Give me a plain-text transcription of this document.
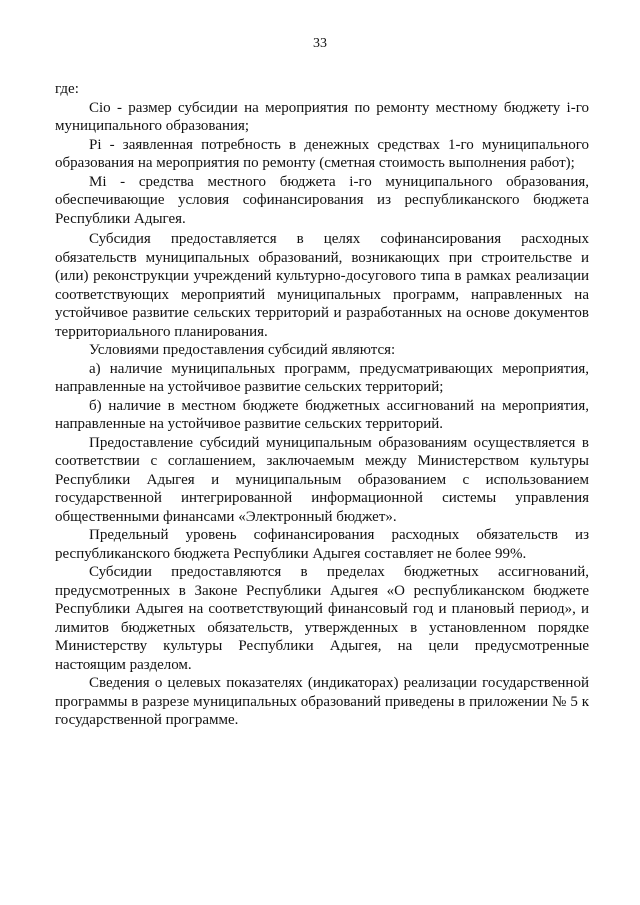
33

где:

Ciо - размер субсидии на мероприятия по ремонту местному бюджету i-го муниципального образования;

Pi - заявленная потребность в денежных средствах 1-го муниципального образования на мероприятия по ремонту (сметная стоимость выполнения работ);

Mi - средства местного бюджета i-го муниципального образования, обеспечивающие условия софинансирования из республиканского бюджета Республики Адыгея.

Субсидия предоставляется в целях софинансирования расходных обязательств муниципальных образований, возникающих при строительстве и (или) реконструкции учреждений культурно-досугового типа в рамках реализации соответствующих мероприятий муниципальных программ, направленных на устойчивое развитие сельских территорий и разработанных на основе документов территориального планирования.

Условиями предоставления субсидий являются:

а) наличие муниципальных программ, предусматривающих мероприятия, направленные на устойчивое развитие сельских территорий;

б) наличие в местном бюджете бюджетных ассигнований на мероприятия, направленные на устойчивое развитие сельских территорий.

Предоставление субсидий муниципальным образованиям осуществляется в соответствии с соглашением, заключаемым между Министерством культуры Республики Адыгея и муниципальным образованием с использованием государственной интегрированной информационной системы управления общественными финансами «Электронный бюджет».

Предельный уровень софинансирования расходных обязательств из республиканского бюджета Республики Адыгея составляет не более 99%.

Субсидии предоставляются в пределах бюджетных ассигнований, предусмотренных в Законе Республики Адыгея «О республиканском бюджете Республики Адыгея на соответствующий финансовый год и плановый период», и лимитов бюджетных обязательств, утвержденных в установленном порядке Министерству культуры Республики Адыгея, на цели предусмотренные настоящим разделом.

Сведения о целевых показателях (индикаторах) реализации государственной программы в разрезе муниципальных образований приведены в приложении № 5 к государственной программе.
